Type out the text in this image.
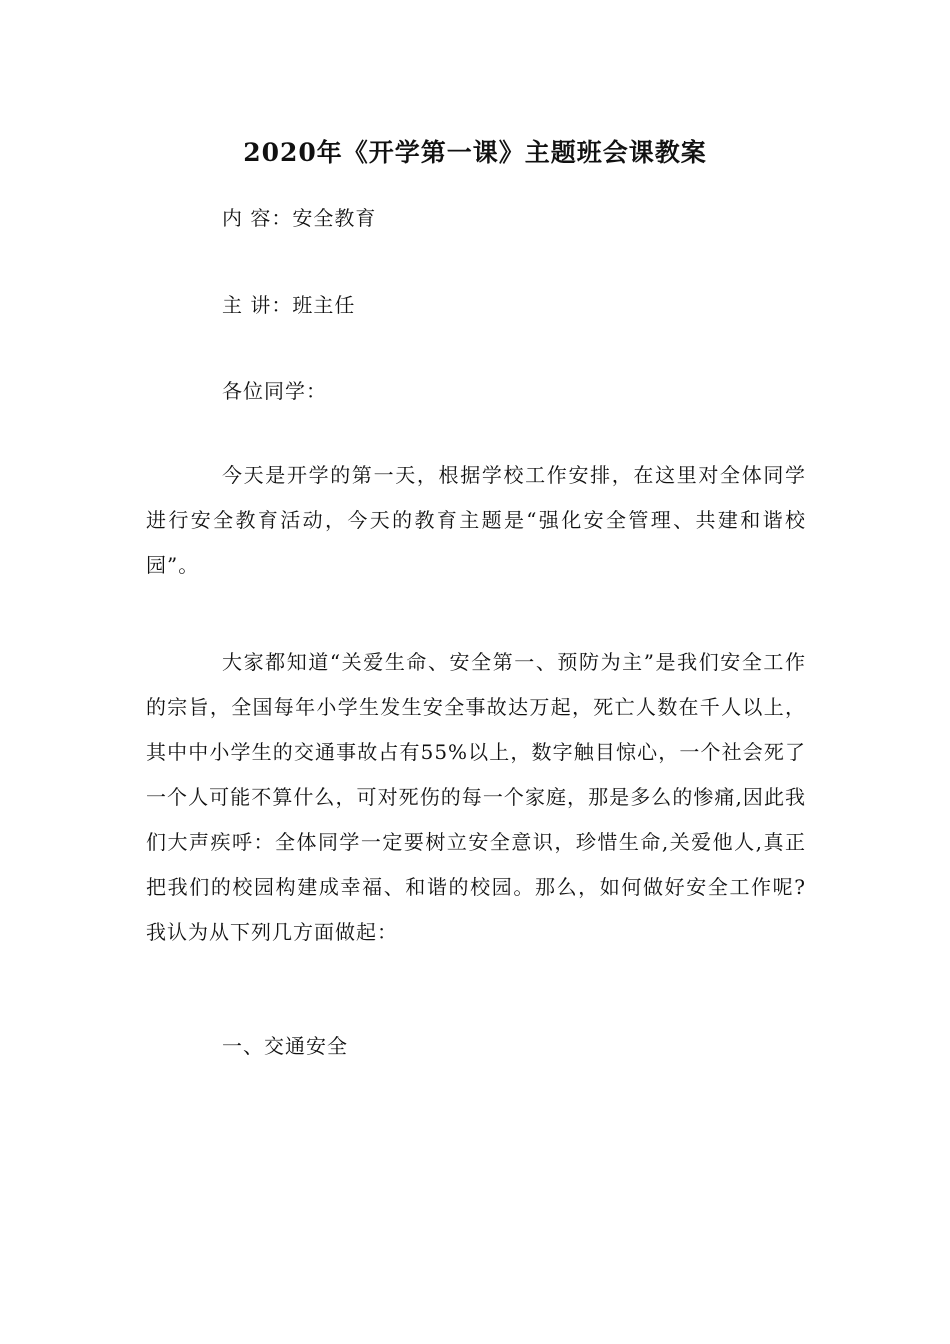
2020年《开学第一课》主题班会课教案

内 容：安全教育

主 讲：班主任

各位同学：

今天是开学的第一天，根据学校工作安排，在这里对全体同学进行安全教育活动，今天的教育主题是“强化安全管理、共建和谐校园”。

大家都知道“关爱生命、安全第一、预防为主”是我们安全工作的宗旨，全国每年小学生发生安全事故达万起，死亡人数在千人以上，其中中小学生的交通事故占有55%以上，数字触目惊心，一个社会死了一个人可能不算什么，可对死伤的每一个家庭，那是多么的惨痛,因此我们大声疾呼：全体同学一定要树立安全意识，珍惜生命,关爱他人,真正把我们的校园构建成幸福、和谐的校园。那么，如何做好安全工作呢?我认为从下列几方面做起：

一、交通安全
